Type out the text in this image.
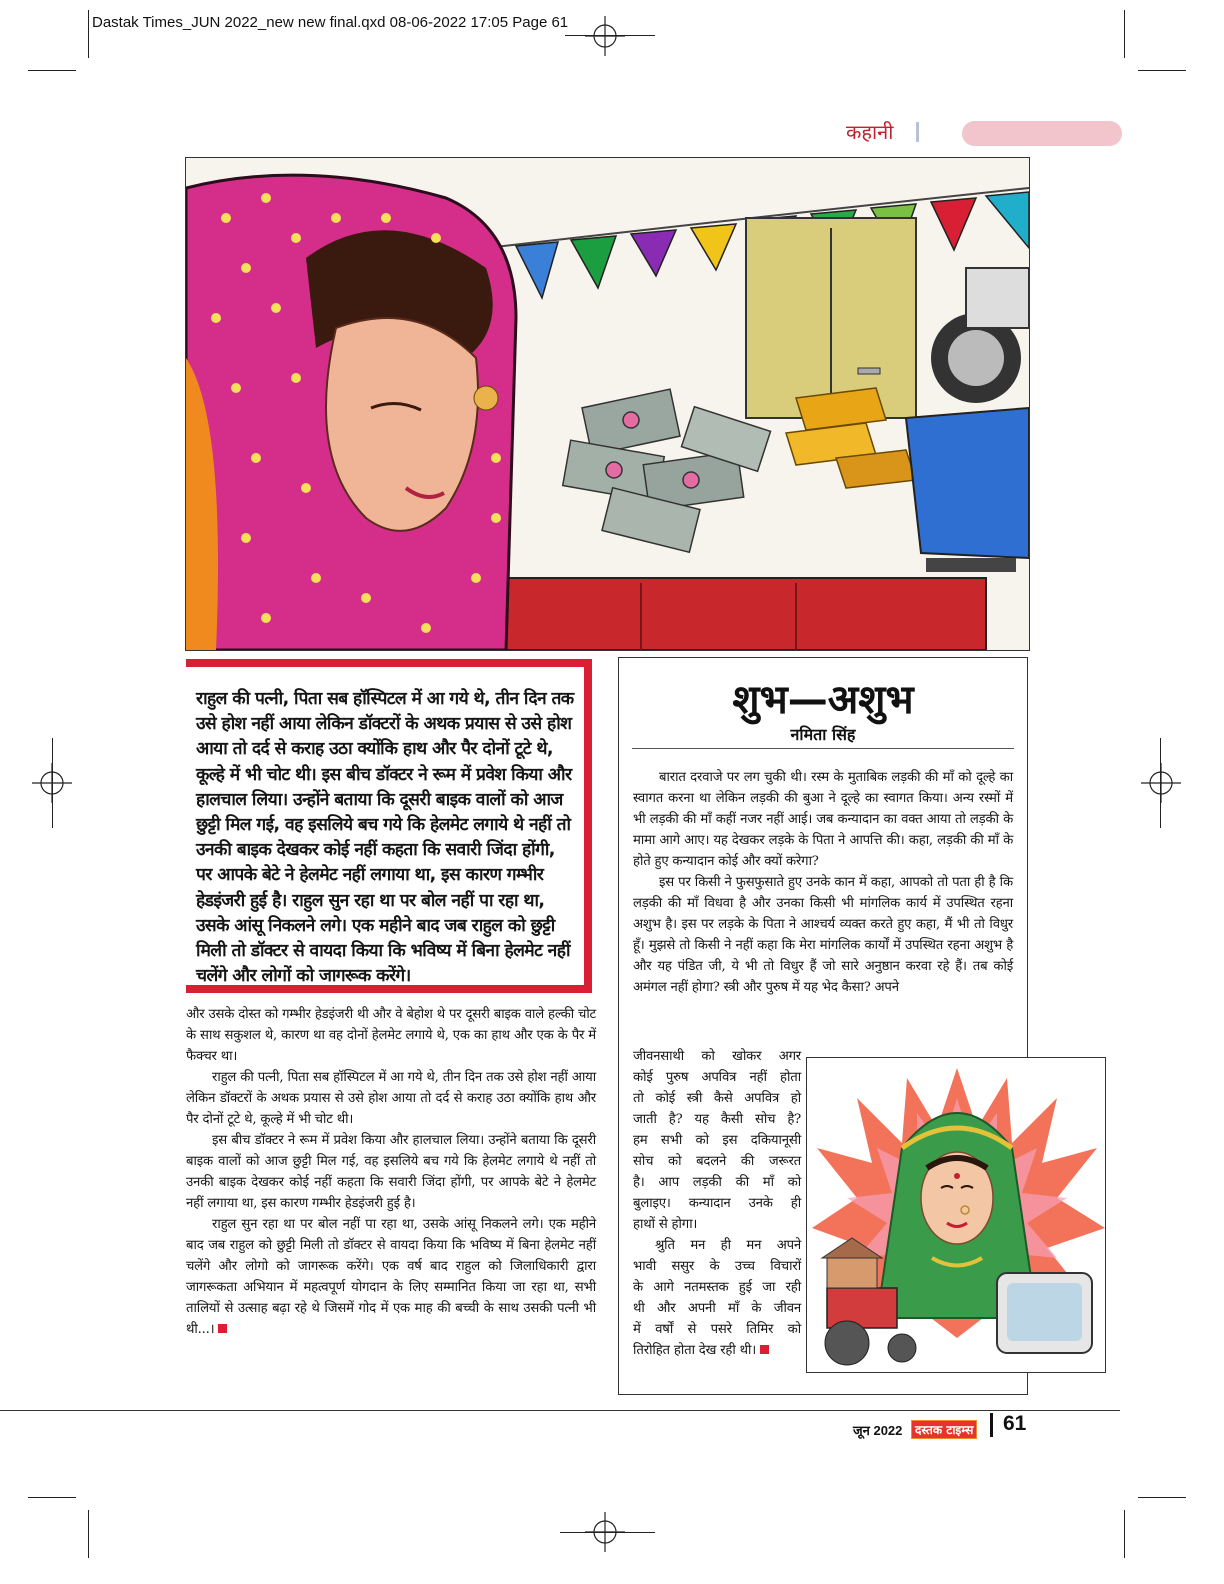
Dastak Times_JUN 2022_new new final.qxd 08-06-2022 17:05 Page 61
कहानी
राहुल की पत्नी, पिता सब हॉस्पिटल में आ गये थे, तीन दिन तक उसे होश नहीं आया लेकिन डॉक्टरों के अथक प्रयास से उसे होश आया तो दर्द से कराह उठा क्योंकि हाथ और पैर दोनों टूटे थे, कूल्हे में भी चोट थी। इस बीच डॉक्टर ने रूम में प्रवेश किया और हालचाल लिया। उन्होंने बताया कि दूसरी बाइक वालों को आज छुट्टी मिल गई, वह इसलिये बच गये कि हेलमेट लगाये थे नहीं तो उनकी बाइक देखकर कोई नहीं कहता कि सवारी जिंदा होंगी, पर आपके बेटे ने हेलमेट नहीं लगाया था, इस कारण गम्भीर हेडइंजरी हुई है। राहुल सुन रहा था पर बोल नहीं पा रहा था, उसके आंसू निकलने लगे। एक महीने बाद जब राहुल को छुट्टी मिली तो डॉक्टर से वायदा किया कि भविष्य में बिना हेलमेट नहीं चलेंगे और लोगों को जागरूक करेंगे।

और उसके दोस्त को गम्भीर हेडइंजरी थी और वे बेहोश थे पर दूसरी बाइक वाले हल्की चोट के साथ सकुशल थे, कारण था वह दोनों हेलमेट लगाये थे, एक का हाथ और एक के पैर में फैक्चर था।

राहुल की पत्नी, पिता सब हॉस्पिटल में आ गये थे, तीन दिन तक उसे होश नहीं आया लेकिन डॉक्टरों के अथक प्रयास से उसे होश आया तो दर्द से कराह उठा क्योंकि हाथ और पैर दोनों टूटे थे, कूल्हे में भी चोट थी।

इस बीच डॉक्टर ने रूम में प्रवेश किया और हालचाल लिया। उन्होंने बताया कि दूसरी बाइक वालों को आज छुट्टी मिल गई, वह इसलिये बच गये कि हेलमेट लगाये थे नहीं तो उनकी बाइक देखकर कोई नहीं कहता कि सवारी जिंदा होंगी, पर आपके बेटे ने हेलमेट नहीं लगाया था, इस कारण गम्भीर हेडइंजरी हुई है।

राहुल सुन रहा था पर बोल नहीं पा रहा था, उसके आंसू निकलने लगे। एक महीने बाद जब राहुल को छुट्टी मिली तो डॉक्टर से वायदा किया कि भविष्य में बिना हेलमेट नहीं चलेंगे और लोगो को जागरूक करेंगे। एक वर्ष बाद राहुल को जिलाधिकारी द्वारा जागरूकता अभियान में महत्वपूर्ण योगदान के लिए सम्मानित किया जा रहा था, सभी तालियों से उत्साह बढ़ा रहे थे जिसमें गोद में एक माह की बच्ची के साथ उसकी पत्नी भी थी...।

शुभ—अशुभ
नमिता सिंह

बारात दरवाजे पर लग चुकी थी। रस्म के मुताबिक लड़की की माँ को दूल्हे का स्वागत करना था लेकिन लड़की की बुआ ने दूल्हे का स्वागत किया। अन्य रस्मों में भी लड़की की माँ कहीं नजर नहीं आई। जब कन्यादान का वक्त आया तो लड़की के मामा आगे आए। यह देखकर लड़के के पिता ने आपत्ति की। कहा, लड़की की माँ के होते हुए कन्यादान कोई और क्यों करेगा?

इस पर किसी ने फुसफुसाते हुए उनके कान में कहा, आपको तो पता ही है कि लड़की की माँ विधवा है और उनका किसी भी मांगलिक कार्य में उपस्थित रहना अशुभ है। इस पर लड़के के पिता ने आश्चर्य व्यक्त करते हुए कहा, मैं भी तो विधुर हूँ। मुझसे तो किसी ने नहीं कहा कि मेरा मांगलिक कार्यों में उपस्थित रहना अशुभ है और यह पंडित जी, ये भी तो विधुर हैं जो सारे अनुष्ठान करवा रहे हैं। तब कोई अमंगल नहीं होगा? स्त्री और पुरुष में यह भेद कैसा? अपने

जीवनसाथी को खोकर अगर
कोई पुरुष अपवित्र नहीं होता
तो कोई स्त्री कैसे अपवित्र हो
जाती है? यह कैसी सोच है?
हम सभी को इस दकियानूसी
सोच को बदलने की जरूरत
है। आप लड़की की माँ को
बुलाइए। कन्यादान उनके ही
हाथों से होगा।
श्रुति मन ही मन अपने
भावी ससुर के उच्च विचारों
के आगे नतमस्तक हुई जा रही
थी और अपनी माँ के जीवन
में वर्षों से पसरे तिमिर को
तिरोहित होता देख रही थी।
जून 2022	दस्तक टाइम्स 61
